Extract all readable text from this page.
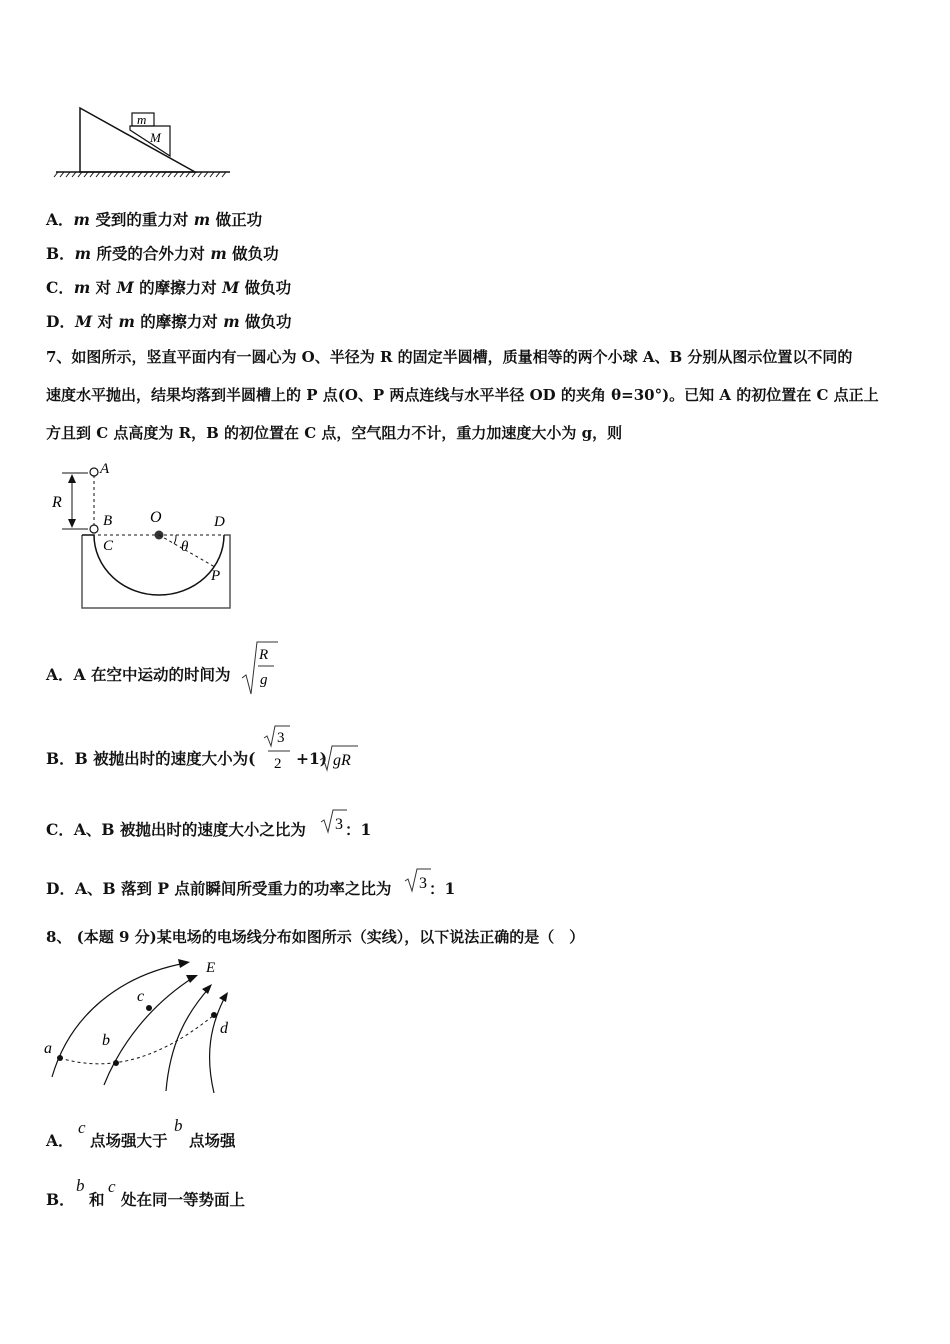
m
M
A．m 受到的重力对 m 做正功
B．m 所受的合外力对 m 做负功
C．m 对 M 的摩擦力对 M 做负功
D．M 对 m 的摩擦力对 m 做负功
7、如图所示，竖直平面内有一圆心为 O、半径为 R 的固定半圆槽，质量相等的两个小球 A、B 分别从图示位置以不同的
速度水平抛出，结果均落到半圆槽上的 P 点(O、P 两点连线与水平半径 OD 的夹角 θ=30°)。已知 A 的初位置在 C 点正上
方且到 C 点高度为 R，B 的初位置在 C 点，空气阻力不计，重力加速度大小为 g，则
A
R
B O	D
C	θ
P
A．A 在空中运动的时间为
R
g
B．B 被抛出时的速度大小为(
3
2 +1) gR
C．A、B 被抛出时的速度大小之比为 3 ：1
D．A、B 落到 P 点前瞬间所受重力的功率之比为 3 ：1
8、 (本题 9 分)某电场的电场线分布如图所示（实线），以下说法正确的是（　）
E
a	b
c
d
A．
c
点场强大于
b
点场强
B．
b
和
c
处在同一等势面上
